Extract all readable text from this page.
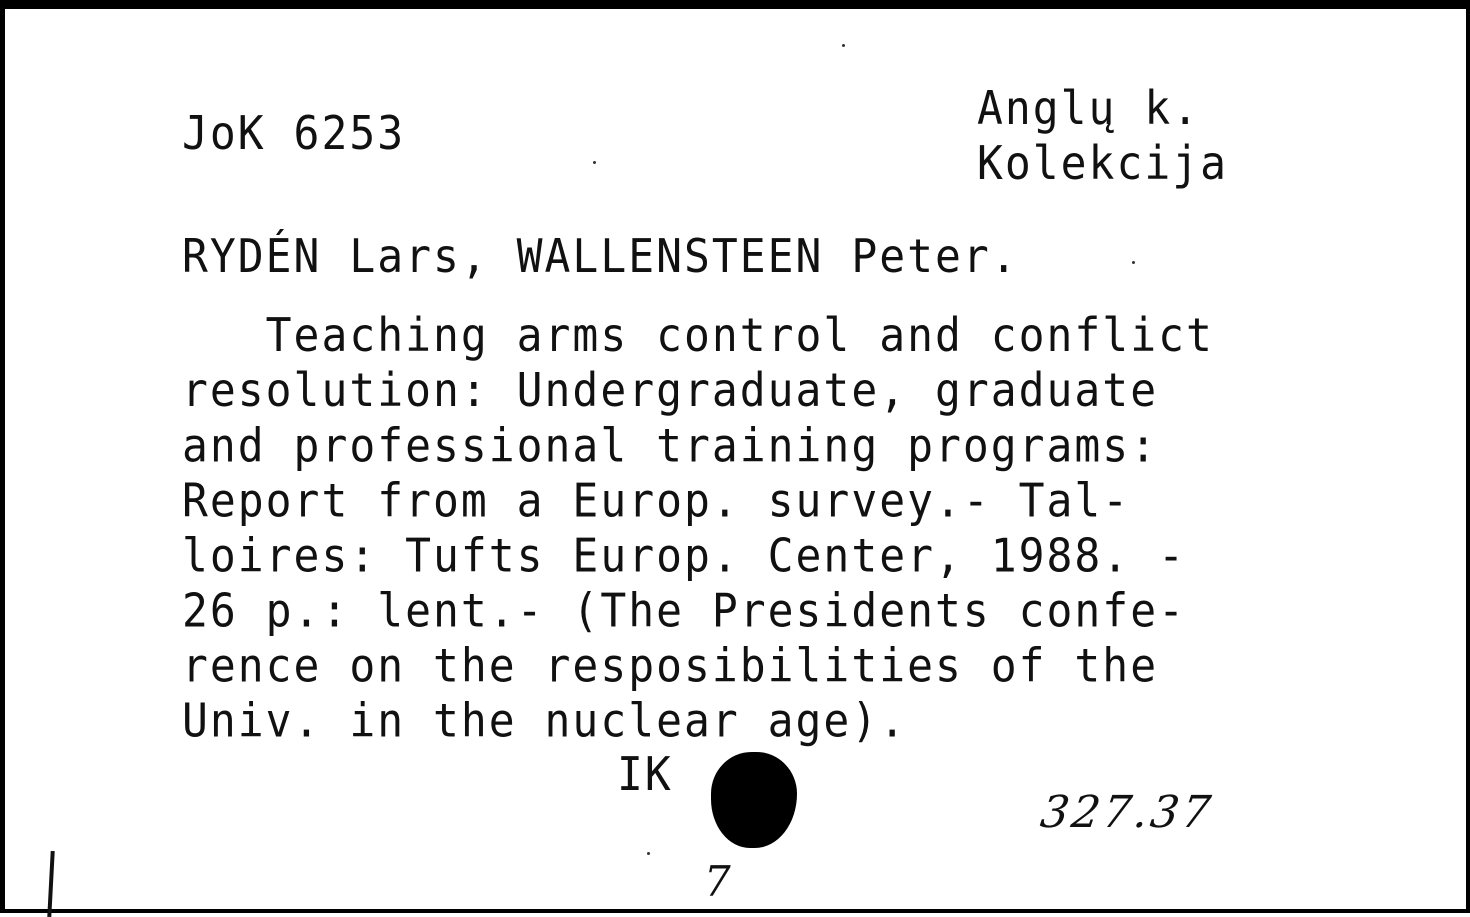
JoK 6253	Anglų k.
Kolekcija
RYDÉN Lars, WALLENSTEEN Peter.
Teaching arms control and conflict
resolution: Undergraduate, graduate
and professional training programs:
Report from a Europ. survey.- Tal-
loires: Tufts Europ. Center, 1988. -
26 p.: lent.- (The Presidents confe-
rence on the resposibilities of the
Univ. in the nuclear age).
IK
327.37
7
